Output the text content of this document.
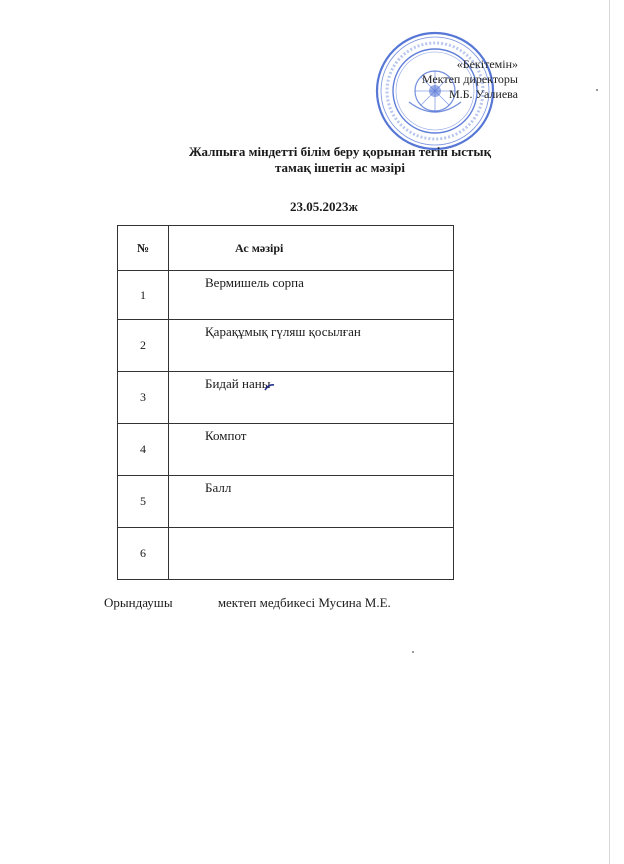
«Бекітемін»
Мектеп директоры
М.Б. Уалиева
Жалпыға міндетті білім беру қорынан тегін ыстық
тамақ ішетін ас мәзірі
23.05.2023ж
№	Ас мәзірі
1	Вермишель сорпа
2	Қарақұмық гүляш қосылған
3	Бидай наны
4	Компот
5	Балл
6	
Орындаушы	мектеп медбикесі Мусина М.Е.
